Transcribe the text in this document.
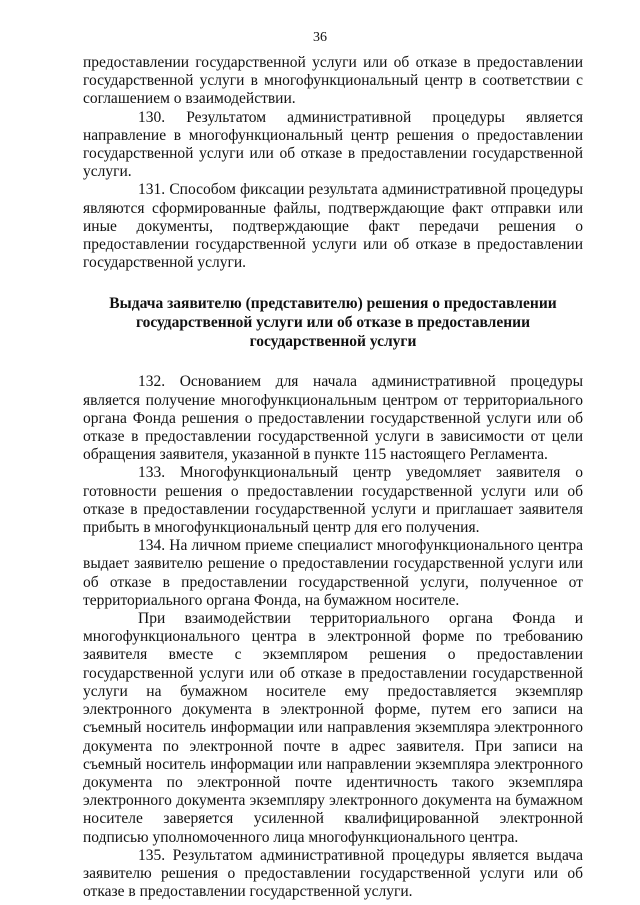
36

предоставлении государственной услуги или об отказе в предоставлении государственной услуги в многофункциональный центр в соответствии с соглашением о взаимодействии.

130. Результатом административной процедуры является направление в многофункциональный центр решения о предоставлении государственной услуги или об отказе в предоставлении государственной услуги.

131. Способом фиксации результата административной процедуры являются сформированные файлы, подтверждающие факт отправки или иные документы, подтверждающие факт передачи решения о предоставлении государственной услуги или об отказе в предоставлении государственной услуги.

Выдача заявителю (представителю) решения о предоставлении
государственной услуги или об отказе в предоставлении
государственной услуги

132. Основанием для начала административной процедуры является получение многофункциональным центром от территориального органа Фонда решения о предоставлении государственной услуги или об отказе в предоставлении государственной услуги в зависимости от цели обращения заявителя, указанной в пункте 115 настоящего Регламента.

133. Многофункциональный центр уведомляет заявителя о готовности решения о предоставлении государственной услуги или об отказе в предоставлении государственной услуги и приглашает заявителя прибыть в многофункциональный центр для его получения.

134. На личном приеме специалист многофункционального центра выдает заявителю решение о предоставлении государственной услуги или об отказе в предоставлении государственной услуги, полученное от территориального органа Фонда, на бумажном носителе.

При взаимодействии территориального органа Фонда и многофункционального центра в электронной форме по требованию заявителя вместе с экземпляром решения о предоставлении государственной услуги или об отказе в предоставлении государственной услуги на бумажном носителе ему предоставляется экземпляр электронного документа в электронной форме, путем его записи на съемный носитель информации или направления экземпляра электронного документа по электронной почте в адрес заявителя. При записи на съемный носитель информации или направлении экземпляра электронного документа по электронной почте идентичность такого экземпляра электронного документа экземпляру электронного документа на бумажном носителе заверяется усиленной квалифицированной электронной подписью уполномоченного лица многофункционального центра.

135. Результатом административной процедуры является выдача заявителю решения о предоставлении государственной услуги или об отказе в предоставлении государственной услуги.
